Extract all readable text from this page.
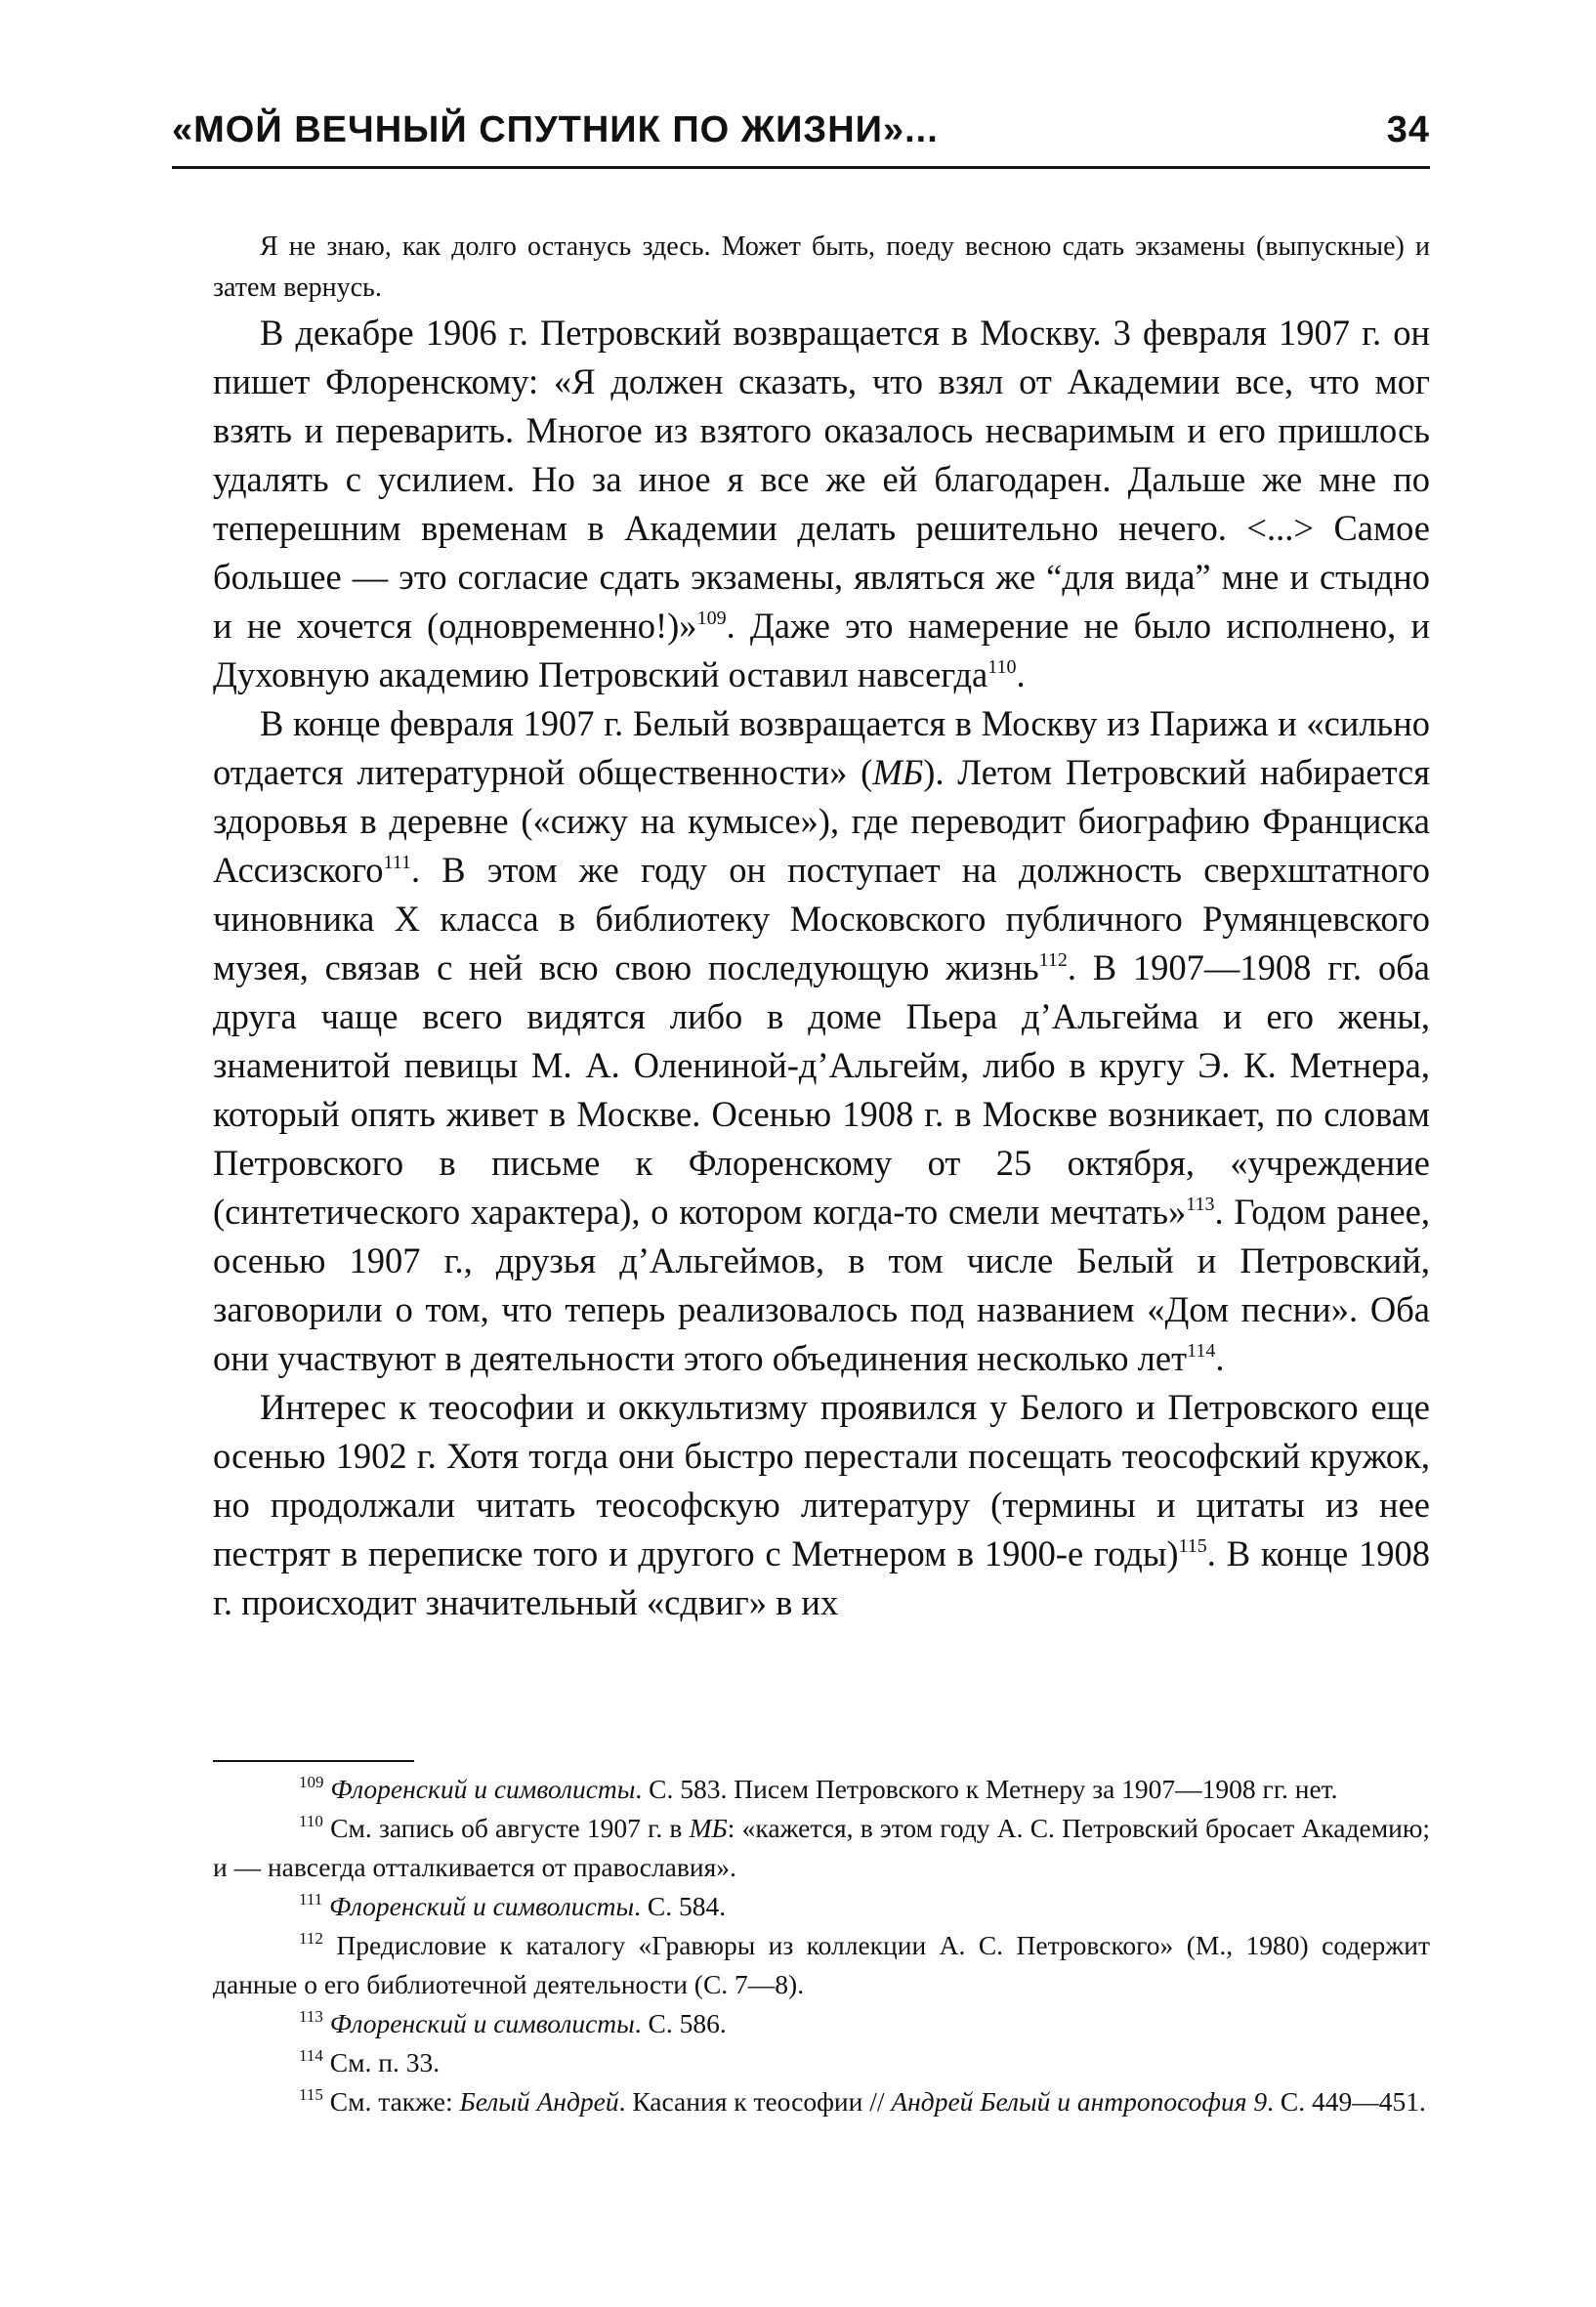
«МОЙ ВЕЧНЫЙ СПУТНИК ПО ЖИЗНИ»...	34

Я не знаю, как долго останусь здесь. Может быть, поеду весною сдать экзамены (выпускные) и затем вернусь.

В декабре 1906 г. Петровский возвращается в Москву. 3 февраля 1907 г. он пишет Флоренскому: «Я должен сказать, что взял от Академии все, что мог взять и переварить. Многое из взятого оказалось несваримым и его пришлось удалять с усилием. Но за иное я все же ей благодарен. Дальше же мне по теперешним временам в Академии делать решительно нечего. <...> Самое большее — это согласие сдать экзамены, являться же “для вида” мне и стыдно и не хочется (одновременно!)»$^{109}$. Даже это намерение не было исполнено, и Духовную академию Петровский оставил навсегда$^{110}$.

В конце февраля 1907 г. Белый возвращается в Москву из Парижа и «сильно отдается литературной общественности» (МБ). Летом Петровский набирается здоровья в деревне («сижу на кумысе»), где переводит биографию Франциска Ассизского$^{111}$. В этом же году он поступает на должность сверхштатного чиновника X класса в библиотеку Московского публичного Румянцевского музея, связав с ней всю свою последующую жизнь$^{112}$. В 1907—1908 гг. оба друга чаще всего видятся либо в доме Пьера д’Альгейма и его жены, знаменитой певицы М. А. Олениной-д’Альгейм, либо в кругу Э. К. Метнера, который опять живет в Москве. Осенью 1908 г. в Москве возникает, по словам Петровского в письме к Флоренскому от 25 октября, «учреждение (синтетического характера), о котором когда-то смели мечтать»$^{113}$. Годом ранее, осенью 1907 г., друзья д’Альгеймов, в том числе Белый и Петровский, заговорили о том, что теперь реализовалось под названием «Дом песни». Оба они участвуют в деятельности этого объединения несколько лет$^{114}$.

Интерес к теософии и оккультизму проявился у Белого и Петровского еще осенью 1902 г. Хотя тогда они быстро перестали посещать теософский кружок, но продолжали читать теософскую литературу (термины и цитаты из нее пестрят в переписке того и другого с Метнером в 1900-е годы)$^{115}$. В конце 1908 г. происходит значительный «сдвиг» в их

$^{109}$ Флоренский и символисты. С. 583. Писем Петровского к Метнеру за 1907—1908 гг. нет.

$^{110}$ См. запись об августе 1907 г. в МБ: «кажется, в этом году А. С. Петровский бросает Академию; и — навсегда отталкивается от православия».

$^{111}$ Флоренский и символисты. С. 584.

$^{112}$ Предисловие к каталогу «Гравюры из коллекции А. С. Петровского» (М., 1980) содержит данные о его библиотечной деятельности (С. 7—8).

$^{113}$ Флоренский и символисты. С. 586.

$^{114}$ См. п. 33.

$^{115}$ См. также: Белый Андрей. Касания к теософии // Андрей Белый и антропософия 9. С. 449—451.
